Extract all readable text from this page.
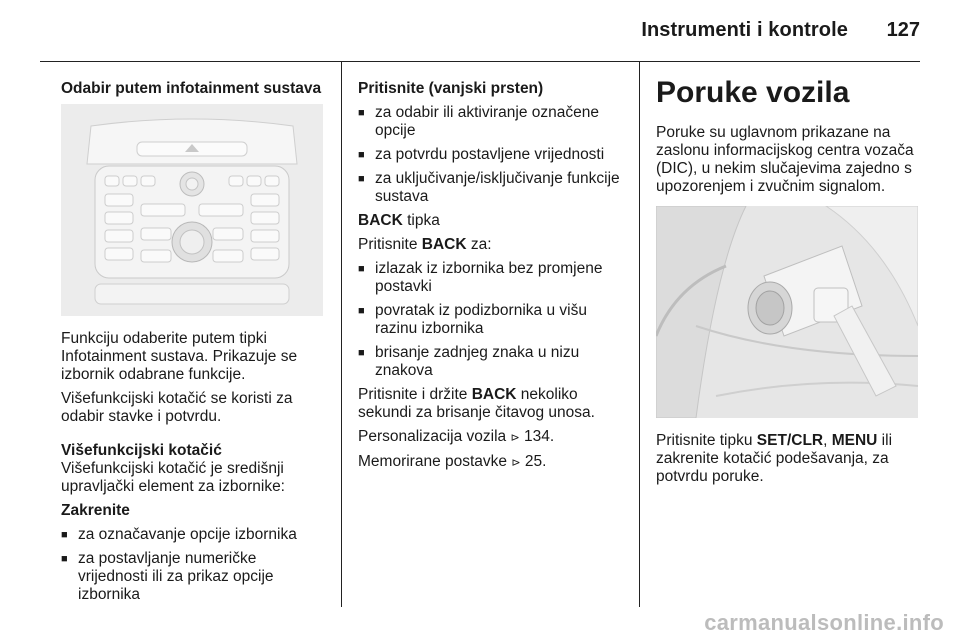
Instrumenti i kontrole	127

Odabir putem infotainment sustava

Funkciju odaberite putem tipki Infotainment sustava. Prikazuje se izbornik odabrane funkcije.

Višefunkcijski kotačić se koristi za odabir stavke i potvrdu.

Višefunkcijski kotačić

Višefunkcijski kotačić je središnji upravljački element za izbornike:

Zakrenite

■ za označavanje opcije izbornika
■ za postavljanje numeričke vrijednosti ili za prikaz opcije izbornika

Pritisnite (vanjski prsten)

■ za odabir ili aktiviranje označene opcije
■ za potvrdu postavljene vrijednosti
■ za uključivanje/isključivanje funkcije sustava

BACK tipka

Pritisnite BACK za:

■ izlazak iz izbornika bez promjene postavki
■ povratak iz podizbornika u višu razinu izbornika
■ brisanje zadnjeg znaka u nizu znakova

Pritisnite i držite BACK nekoliko sekundi za brisanje čitavog unosa.

Personalizacija vozila ⊳ 134.

Memorirane postavke ⊳ 25.

Poruke vozila

Poruke su uglavnom prikazane na zaslonu informacijskog centra vozača (DIC), u nekim slučajevima zajedno s upozorenjem i zvučnim signalom.

Pritisnite tipku SET/CLR, MENU ili zakrenite kotačić podešavanja, za potvrdu poruke.

carmanualsonline.info
